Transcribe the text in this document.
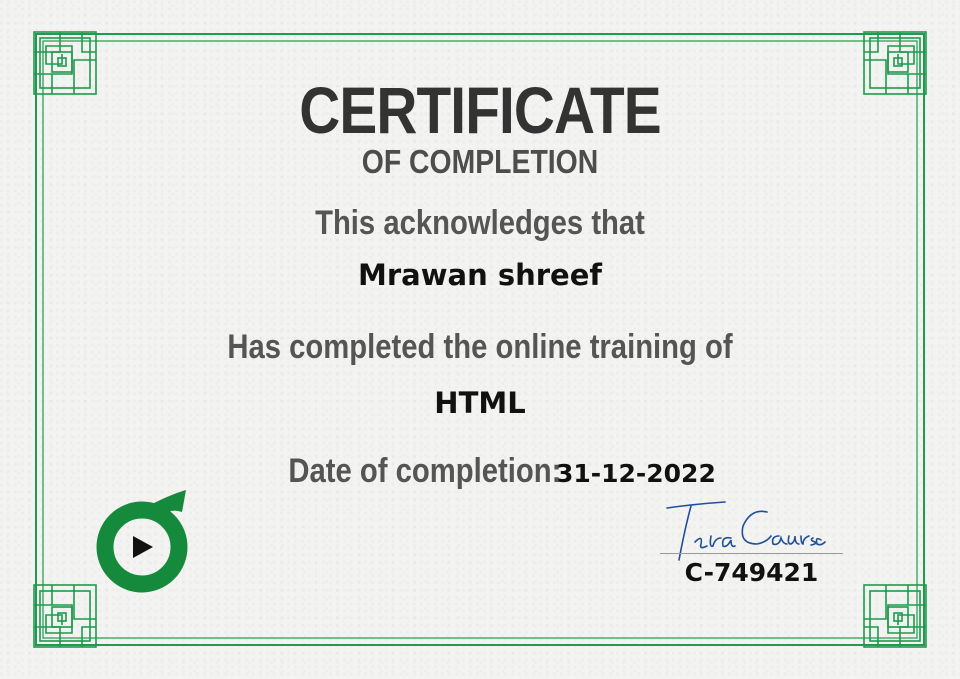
CERTIFICATE
OF COMPLETION
This acknowledges that
Mrawan shreef
Has completed the online training of
HTML
Date of completion: 31-12-2022
TeraCourses
C-749421
